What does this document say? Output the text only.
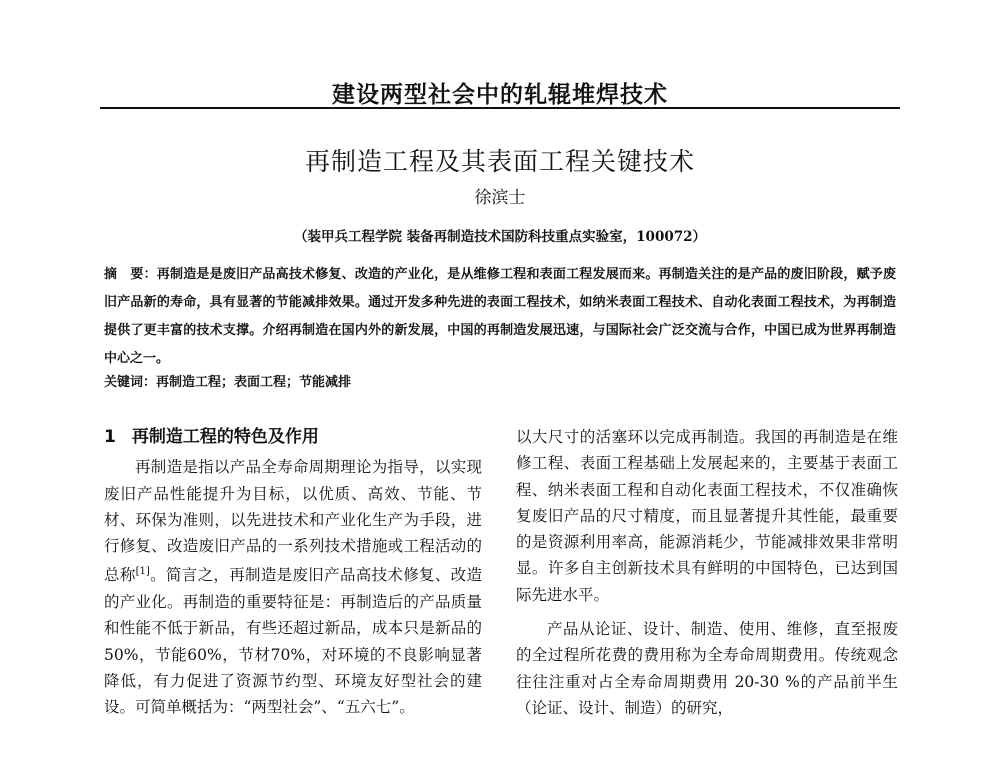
建设两型社会中的轧辊堆焊技术
再制造工程及其表面工程关键技术
徐滨士
（装甲兵工程学院 装备再制造技术国防科技重点实验室，100072）
摘　要：再制造是是废旧产品高技术修复、改造的产业化，是从维修工程和表面工程发展而来。再制造关注的是产品的废旧阶段，赋予废旧产品新的寿命，具有显著的节能减排效果。通过开发多种先进的表面工程技术，如纳米表面工程技术、自动化表面工程技术，为再制造提供了更丰富的技术支撑。介绍再制造在国内外的新发展，中国的再制造发展迅速，与国际社会广泛交流与合作，中国已成为世界再制造中心之一。
关键词：再制造工程；表面工程；节能减排
1 再制造工程的特色及作用

再制造是指以产品全寿命周期理论为指导，以实现废旧产品性能提升为目标，以优质、高效、节能、节材、环保为准则，以先进技术和产业化生产为手段，进行修复、改造废旧产品的一系列技术措施或工程活动的总称[1]。简言之，再制造是废旧产品高技术修复、改造的产业化。再制造的重要特征是：再制造后的产品质量和性能不低于新品，有些还超过新品，成本只是新品的50%，节能60%，节材70%，对环境的不良影响显著降低，有力促进了资源节约型、环境友好型社会的建设。可简单概括为：“两型社会”、“五六七”。

以大尺寸的活塞环以完成再制造。我国的再制造是在维修工程、表面工程基础上发展起来的，主要基于表面工程、纳米表面工程和自动化表面工程技术，不仅准确恢复废旧产品的尺寸精度，而且显著提升其性能，最重要的是资源利用率高，能源消耗少，节能减排效果非常明显。许多自主创新技术具有鲜明的中国特色，已达到国际先进水平。

产品从论证、设计、制造、使用、维修，直至报废的全过程所花费的费用称为全寿命周期费用。传统观念往往注重对占全寿命周期费用 20-30 %的产品前半生（论证、设计、制造）的研究，
